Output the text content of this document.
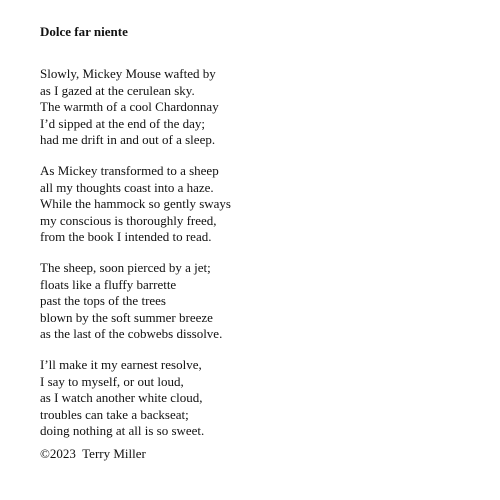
Dolce far niente
Slowly, Mickey Mouse wafted by
as I gazed at the cerulean sky.
The warmth of a cool Chardonnay
I’d sipped at the end of the day;
had me drift in and out of a sleep.
As Mickey transformed to a sheep
all my thoughts coast into a haze.
While the hammock so gently sways
my conscious is thoroughly freed,
from the book I intended to read.
The sheep, soon pierced by a jet;
floats like a fluffy barrette
past the tops of the trees
blown by the soft summer breeze
as the last of the cobwebs dissolve.
I’ll make it my earnest resolve,
I say to myself, or out loud,
as I watch another white cloud,
troubles can take a backseat;
doing nothing at all is so sweet.
©2023  Terry Miller
